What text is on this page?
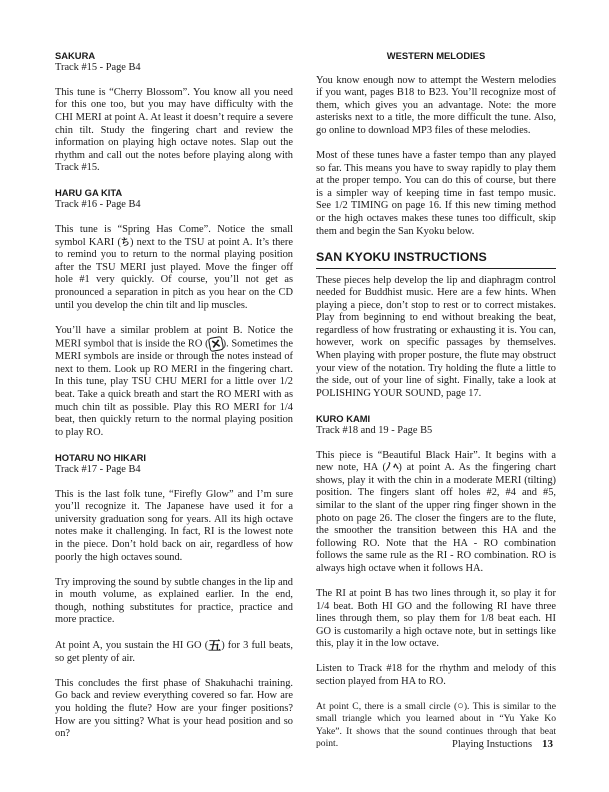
SAKURA
Track #15 - Page B4

This tune is “Cherry Blossom”. You know all you need for this one too, but you may have difficulty with the CHI MERI at point A. At least it doesn’t require a severe chin tilt. Study the fingering chart and review the information on playing high octave notes. Slap out the rhythm and call out the notes before playing along with Track #15.

HARU GA KITA
Track #16 - Page B4

This tune is “Spring Has Come”. Notice the small symbol KARI (ち) next to the TSU at point A. It’s there to remind you to return to the normal playing position after the TSU MERI just played. Move the finger off hole #1 very quickly. Of course, you’ll not get as pronounced a separation in pitch as you hear on the CD until you develop the chin tilt and lip muscles.

You’ll have a similar problem at point B. Notice the MERI symbol that is inside the RO (✕). Sometimes the MERI symbols are inside or through the notes instead of next to them. Look up RO MERI in the fingering chart. In this tune, play TSU CHU MERI for a little over 1/2 beat. Take a quick breath and start the RO MERI with as much chin tilt as possible. Play this RO MERI for 1/4 beat, then quickly return to the normal playing position to play RO.

HOTARU NO HIKARI
Track #17 - Page B4

This is the last folk tune, “Firefly Glow” and I’m sure you’ll recognize it. The Japanese have used it for a university graduation song for years. All its high octave notes make it challenging. In fact, RI is the lowest note in the piece. Don’t hold back on air, regardless of how poorly the high octaves sound.

Try improving the sound by subtle changes in the lip and in mouth volume, as explained earlier. In the end, though, nothing substitutes for practice, practice and more practice.

At point A, you sustain the HI GO (五) for 3 full beats, so get plenty of air.

This concludes the first phase of Shakuhachi training. Go back and review everything covered so far. How are you holding the flute? How are your finger positions? How are you sitting? What is your head position and so on?

WESTERN MELODIES

You know enough now to attempt the Western melodies if you want, pages B18 to B23. You’ll recognize most of them, which gives you an advantage. Note: the more asterisks next to a title, the more difficult the tune. Also, go online to download MP3 files of these melodies.

Most of these tunes have a faster tempo than any played so far. This means you have to sway rapidly to play them at the proper tempo. You can do this of course, but there is a simpler way of keeping time in fast tempo music. See 1/2 TIMING on page 16. If this new timing method or the high octaves makes these tunes too difficult, skip them and begin the San Kyoku below.

SAN KYOKU INSTRUCTIONS

These pieces help develop the lip and diaphragm control needed for Buddhist music. Here are a few hints. When playing a piece, don’t stop to rest or to correct mistakes. Play from beginning to end without breaking the beat, regardless of how frustrating or exhausting it is. You can, however, work on specific passages by themselves. When playing with proper posture, the flute may obstruct your view of the notation. Try holding the flute a little to the side, out of your line of sight. Finally, take a look at POLISHING YOUR SOUND, page 17.

KURO KAMI
Track #18 and 19 - Page B5

This piece is “Beautiful Black Hair”. It begins with a new note, HA (ﾉ ﾍ) at point A. As the fingering chart shows, play it with the chin in a moderate MERI (tilting) position. The fingers slant off holes #2, #4 and #5, similar to the slant of the upper ring finger shown in the photo on page 26. The closer the fingers are to the flute, the smoother the transition between this HA and the following RO. Note that the HA - RO combination follows the same rule as the RI - RO combination. RO is always high octave when it follows HA.

The RI at point B has two lines through it, so play it for 1/4 beat. Both HI GO and the following RI have three lines through them, so play them for 1/8 beat each. HI GO is customarily a high octave note, but in settings like this, play it in the low octave.

Listen to Track #18 for the rhythm and melody of this section played from HA to RO.

At point C, there is a small circle (○). This is similar to the small triangle which you learned about in “Yu Yake Ko Yake”. It shows that the sound continues through that beat point.	Playing Instuctions 13
